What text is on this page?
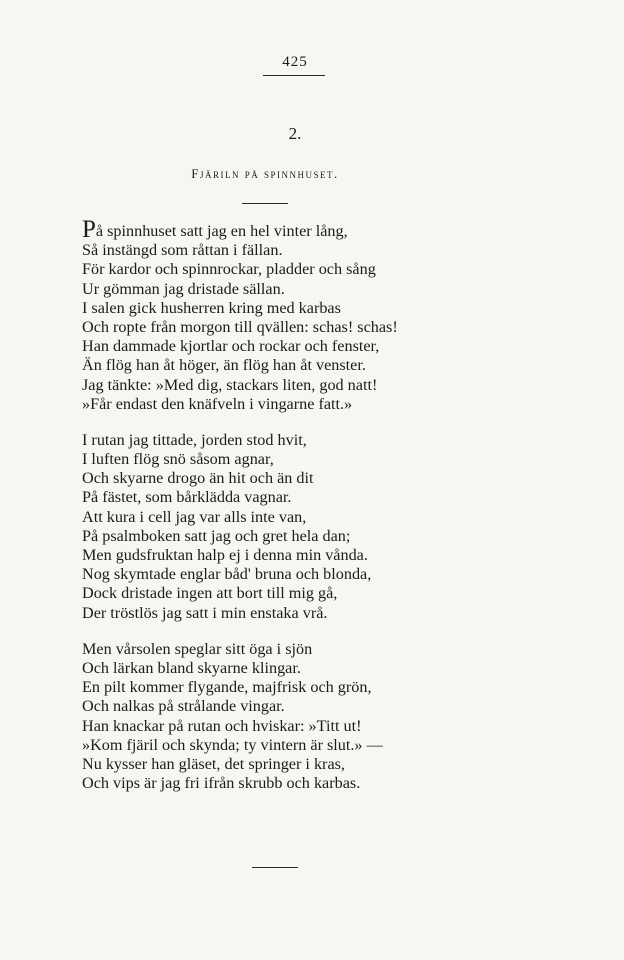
425
2.
Fjäriln på spinnhuset.
På spinnhuset satt jag en hel vinter lång,
Så instängd som råttan i fällan.
För kardor och spinnrockar, pladder och sång
Ur gömman jag dristade sällan.
I salen gick husherren kring med karbas
Och ropte från morgon till qvällen: schas! schas!
Han dammade kjortlar och rockar och fenster,
Än flög han åt höger, än flög han åt venster.
Jag tänkte: »Med dig, stackars liten, god natt!
»Får endast den knäfveln i vingarne fatt.»
I rutan jag tittade, jorden stod hvit,
I luften flög snö såsom agnar,
Och skyarne drogo än hit och än dit
På fästet, som bårklädda vagnar.
Att kura i cell jag var alls inte van,
På psalmboken satt jag och gret hela dan;
Men gudsfruktan halp ej i denna min vånda.
Nog skymtade englar båd' bruna och blonda,
Dock dristade ingen att bort till mig gå,
Der tröstlös jag satt i min enstaka vrå.
Men vårsolen speglar sitt öga i sjön
Och lärkan bland skyarne klingar.
En pilt kommer flygande, majfrisk och grön,
Och nalkas på strålande vingar.
Han knackar på rutan och hviskar: »Titt ut!
»Kom fjäril och skynda; ty vintern är slut.» —
Nu kysser han gläset, det springer i kras,
Och vips är jag fri ifrån skrubb och karbas.
